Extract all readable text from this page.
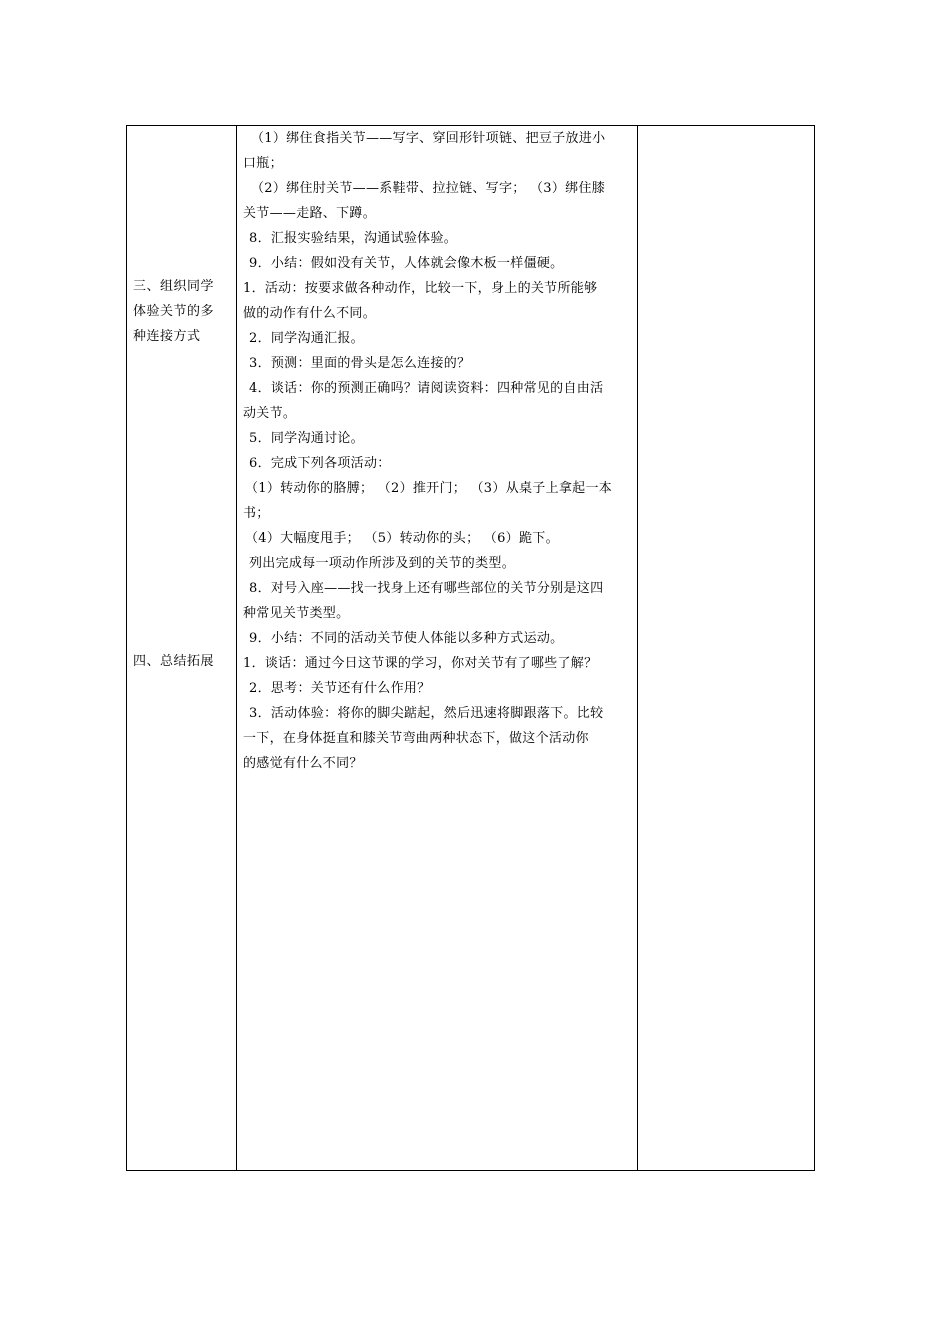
三、组织同学
体验关节的多
种连接方式
四、总结拓展
（1）绑住食指关节——写字、穿回形针项链、把豆子放进小
口瓶；
（2）绑住肘关节——系鞋带、拉拉链、写字； （3）绑住膝
关节——走路、下蹲。
8．汇报实验结果，沟通试验体验。
9．小结：假如没有关节，人体就会像木板一样僵硬。
1．活动：按要求做各种动作，比较一下，身上的关节所能够
做的动作有什么不同。
2．同学沟通汇报。
3．预测：里面的骨头是怎么连接的？
4．谈话：你的预测正确吗？请阅读资料：四种常见的自由活
动关节。
5．同学沟通讨论。
6．完成下列各项活动：
（1）转动你的胳膊； （2）推开门； （3）从桌子上拿起一本
书；
（4）大幅度甩手； （5）转动你的头； （6）跪下。
列出完成每一项动作所涉及到的关节的类型。
8．对号入座——找一找身上还有哪些部位的关节分别是这四
种常见关节类型。
9．小结：不同的活动关节使人体能以多种方式运动。
1．谈话：通过今日这节课的学习，你对关节有了哪些了解？
2．思考：关节还有什么作用？
3．活动体验：将你的脚尖踮起，然后迅速将脚跟落下。比较
一下，在身体挺直和膝关节弯曲两种状态下，做这个活动你
的感觉有什么不同？
